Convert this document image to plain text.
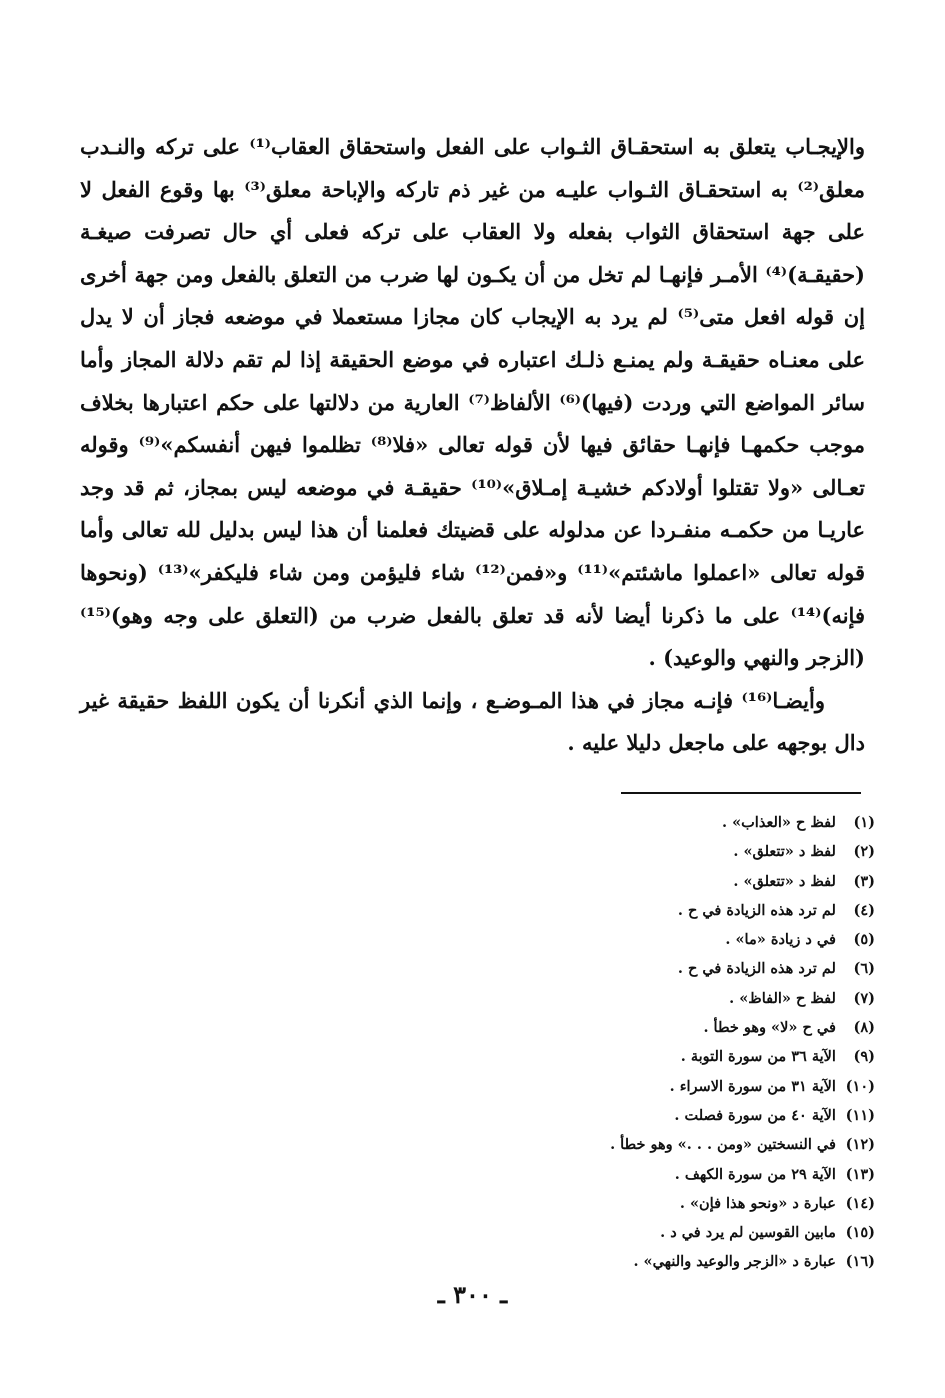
والإيجـاب يتعلق به استحقـاق الثـواب على الفعل واستحقاق العقاب⁽¹⁾ على تركه والنـدب معلق⁽²⁾ به استحقـاق الثـواب عليـه من غير ذم تاركه والإباحة معلق⁽³⁾ بها وقوع الفعل لا على جهة استحقاق الثواب بفعله ولا العقاب على تركه فعلى أي حال تصرفت صيغـة (حقيقـة)⁽⁴⁾ الأمـر فإنهـا لم تخل من أن يكـون لها ضرب من التعلق بالفعل ومن جهة أخرى إن قوله افعل متى⁽⁵⁾ لم يرد به الإيجاب كان مجازا مستعملا في موضعه فجاز أن لا يدل على معنـاه حقيقـة ولم يمنـع ذلـك اعتباره في موضع الحقيقة إذا لم تقم دلالة المجاز وأما سائر المواضع التي وردت (فيها)⁽⁶⁾ الألفاظ⁽⁷⁾ العارية من دلالتها على حكم اعتبارها بخلاف موجب حكمهـا فإنهـا حقائق فيها لأن قوله تعالى «فلا⁽⁸⁾ تظلموا فيهن أنفسكم»⁽⁹⁾ وقوله تعـالى «ولا تقتلوا أولادكم خشيـة إمـلاق»⁽¹⁰⁾ حقيقـة في موضعه ليس بمجاز، ثم قد وجد عاريـا من حكمـه منفـردا عن مدلوله على قضيتك فعلمنا أن هذا ليس بدليل لله تعالى وأما قوله تعالى «اعملوا ماشئتم»⁽¹¹⁾ و«فمن⁽¹²⁾ شاء فليؤمن ومن شاء فليكفر»⁽¹³⁾ (ونحوها فإنه)⁽¹⁴⁾ على ما ذكرنا أيضا لأنه قد تعلق بالفعل ضرب من (التعلق على وجه وهو)⁽¹⁵⁾ (الزجر والنهي والوعيد) .

وأيضـا⁽¹⁶⁾ فإنـه مجاز في هذا المـوضـع ، وإنما الذي أنكرنا أن يكون اللفظ حقيقة غير دال بوجهه على ماجعل دليلا عليه .

(١) لفظ ح «العذاب» .
(٢) لفظ د «تتعلق» .
(٣) لفظ د «تتعلق» .
(٤) لم ترد هذه الزيادة في ح .
(٥) في د زيادة «ما» .
(٦) لم ترد هذه الزيادة في ح .
(٧) لفظ ح «الفاظ» .
(٨) في ح «لا» وهو خطأ .
(٩) الآية ٣٦ من سورة التوبة .
(١٠) الآية ٣١ من سورة الاسراء .
(١١) الآية ٤٠ من سورة فصلت .
(١٢) في النسختين «ومن . . .» وهو خطأ .
(١٣) الآية ٢٩ من سورة الكهف .
(١٤) عبارة د «ونحو هذا فإن» .
(١٥) مابين القوسين لم يرد في د .
(١٦) عبارة د «الزجر والوعيد والنهي» .
ـ ٣٠٠ ـ
